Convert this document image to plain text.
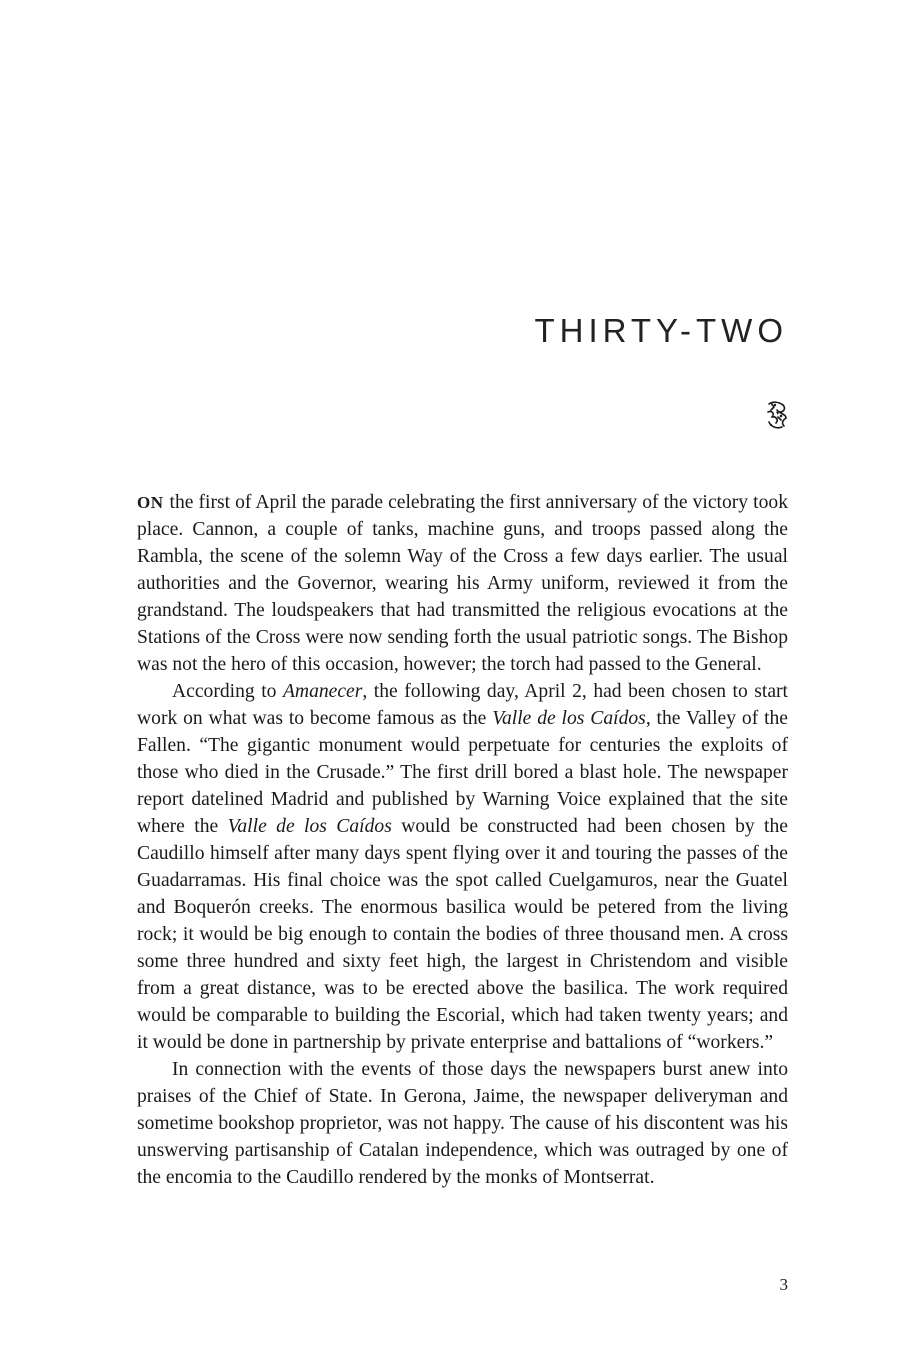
THIRTY-TWO

ON the first of April the parade celebrating the first anniversary of the victory took place. Cannon, a couple of tanks, machine guns, and troops passed along the Rambla, the scene of the solemn Way of the Cross a few days earlier. The usual authorities and the Governor, wearing his Army uniform, reviewed it from the grandstand. The loudspeakers that had transmitted the religious evocations at the Stations of the Cross were now sending forth the usual patriotic songs. The Bishop was not the hero of this occasion, however; the torch had passed to the General.

According to Amanecer, the following day, April 2, had been chosen to start work on what was to become famous as the Valle de los Caídos, the Valley of the Fallen. “The gigantic monument would perpetuate for centuries the exploits of those who died in the Crusade.” The first drill bored a blast hole. The newspaper report datelined Madrid and published by Warning Voice explained that the site where the Valle de los Caídos would be constructed had been chosen by the Caudillo himself after many days spent flying over it and touring the passes of the Guadarramas. His final choice was the spot called Cuelgamuros, near the Guatel and Boquerón creeks. The enormous basilica would be petered from the living rock; it would be big enough to contain the bodies of three thousand men. A cross some three hundred and sixty feet high, the largest in Christendom and visible from a great distance, was to be erected above the basilica. The work required would be comparable to building the Escorial, which had taken twenty years; and it would be done in partnership by private enterprise and battalions of “workers.”

In connection with the events of those days the newspapers burst anew into praises of the Chief of State. In Gerona, Jaime, the newspaper deliveryman and sometime bookshop proprietor, was not happy. The cause of his discontent was his unswerving partisanship of Catalan independence, which was outraged by one of the encomia to the Caudillo rendered by the monks of Montserrat.

3
